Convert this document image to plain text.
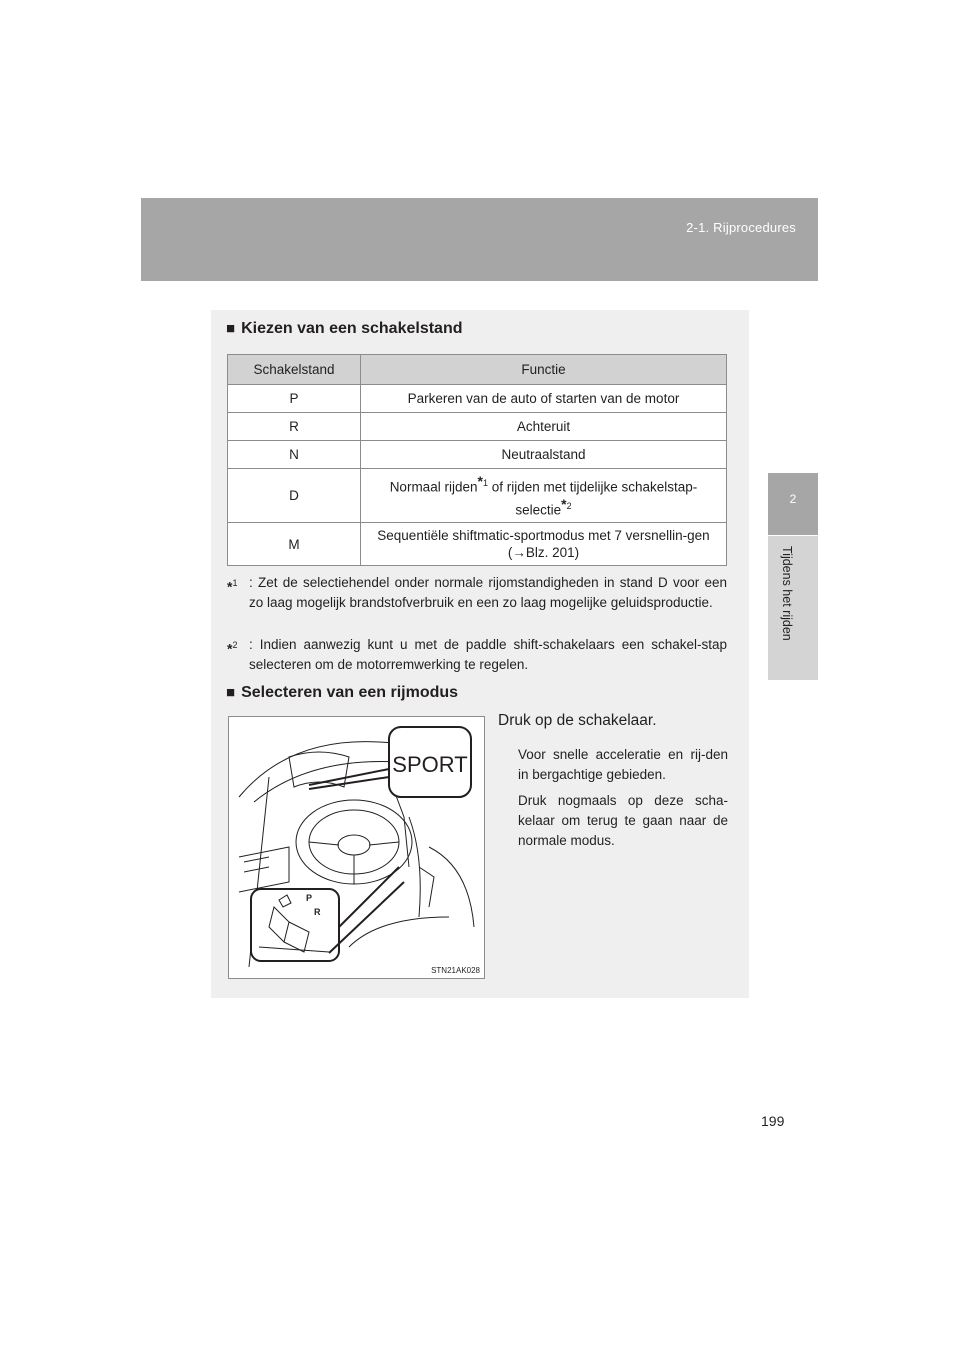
2-1. Rijprocedures
2
Tijdens het rijden
■ Kiezen van een schakelstand
Schakelstand	Functie
P	Parkeren van de auto of starten van de motor
R	Achteruit
N	Neutraalstand
D	Normaal rijden$^{*1}$ of rijden met tijdelijke schakelstap-selectie$^{*2}$
M	Sequentiële shiftmatic-sportmodus met 7 versnellin-gen (→Blz. 201)
*$^1$ : Zet de selectiehendel onder normale rijomstandigheden in stand D voor een zo laag mogelijk brandstofverbruik en een zo laag mogelijke geluidsproductie.
*$^2$ : Indien aanwezig kunt u met de paddle shift-schakelaars een schakel-stap selecteren om de motorremwerking te regelen.
■ Selecteren van een rijmodus
SPORT
P
R
STN21AK028
Druk op de schakelaar.
Voor snelle acceleratie en rij-den in bergachtige gebieden.
Druk nogmaals op deze scha-kelaar om terug te gaan naar de normale modus.
199
